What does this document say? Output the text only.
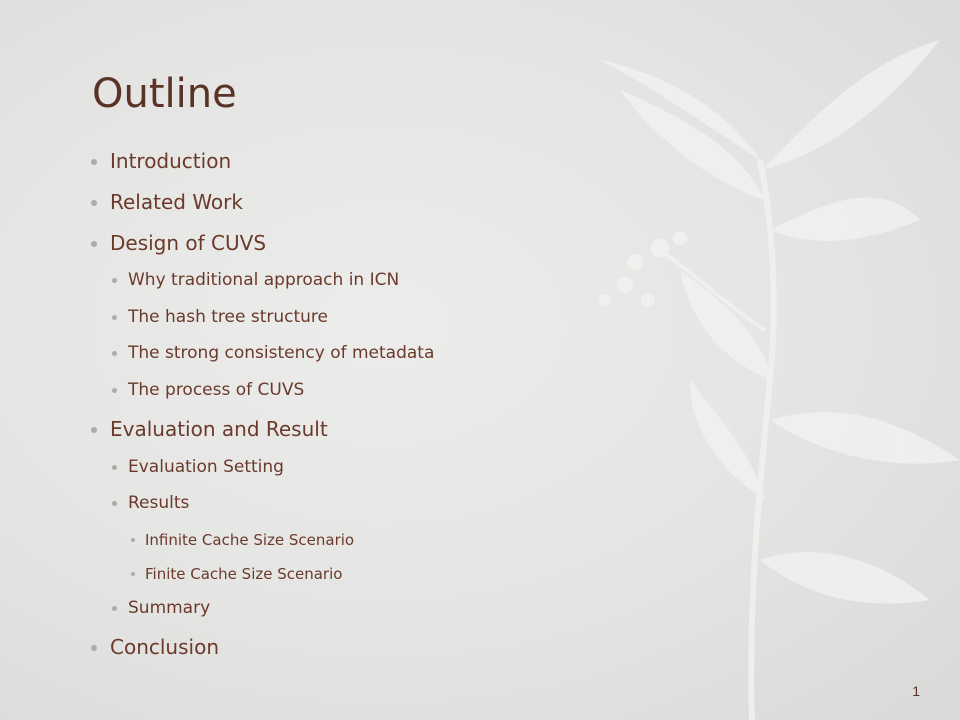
Outline
Introduction
Related Work
Design of CUVS
Why traditional approach in ICN
The hash tree structure
The strong consistency of metadata
The process of CUVS
Evaluation and Result
Evaluation Setting
Results
Infinite Cache Size Scenario
Finite Cache Size Scenario
Summary
Conclusion
1
